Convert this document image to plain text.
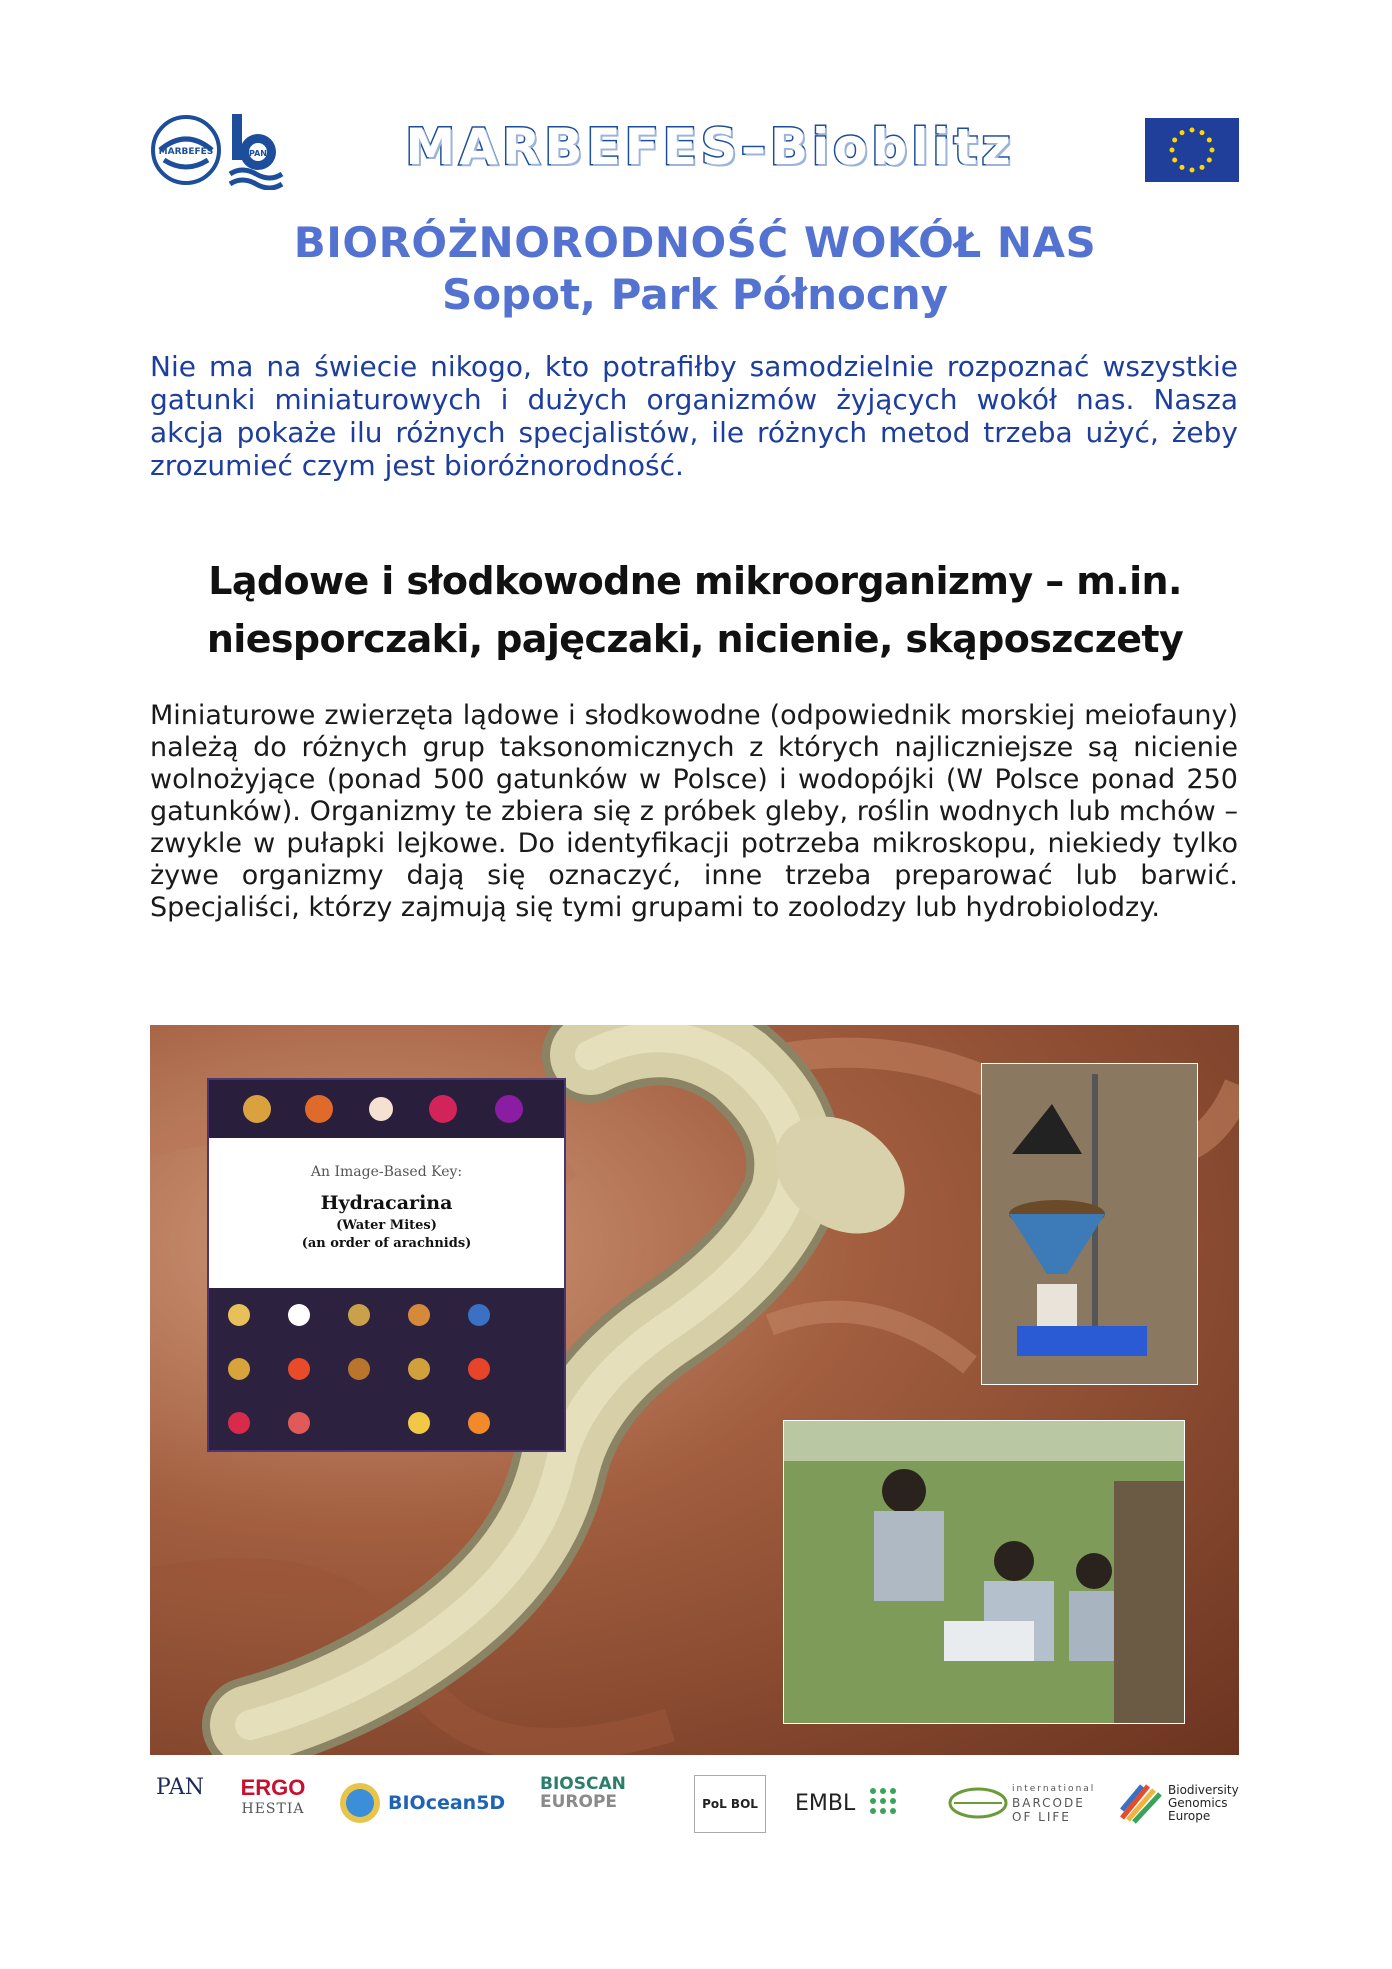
MARBEFES	PAN	MARBEFES–Bioblitz
BIORÓŻNORODNOŚĆ WOKÓŁ NAS
Sopot, Park Północny
Nie ma na świecie nikogo, kto potrafiłby samodzielnie rozpoznać wszystkie gatunki miniaturowych i dużych organizmów żyjących wokół nas. Nasza akcja pokaże ilu różnych specjalistów, ile różnych metod trzeba użyć, żeby zrozumieć czym jest bioróżnorodność.
Lądowe i słodkowodne mikroorganizmy – m.in.
niesporczaki, pajęczaki, nicienie, skąposzczety
Miniaturowe zwierzęta lądowe i słodkowodne (odpowiednik morskiej meiofauny) należą do różnych grup taksonomicznych z których najliczniejsze są nicienie wolnożyjące (ponad 500 gatunków w Polsce) i wodopójki (W Polsce ponad 250 gatunków). Organizmy te zbiera się z próbek gleby, roślin wodnych lub mchów – zwykle w pułapki lejkowe. Do identyfikacji potrzeba mikroskopu, niekiedy tylko żywe organizmy dają się oznaczyć, inne trzeba preparować lub barwić. Specjaliści, którzy zajmują się tymi grupami to zoolodzy lub hydrobiolodzy.
An Image-Based Key:
Hydracarina
(Water Mites)
(an order of arachnids)
PAN ERGO
HESTIA	BIOcean5D
BIOSCAN
EUROPE	PoL BOL EMBL
international
BARCODE
OF LIFE
Biodiversity
Genomics
Europe
